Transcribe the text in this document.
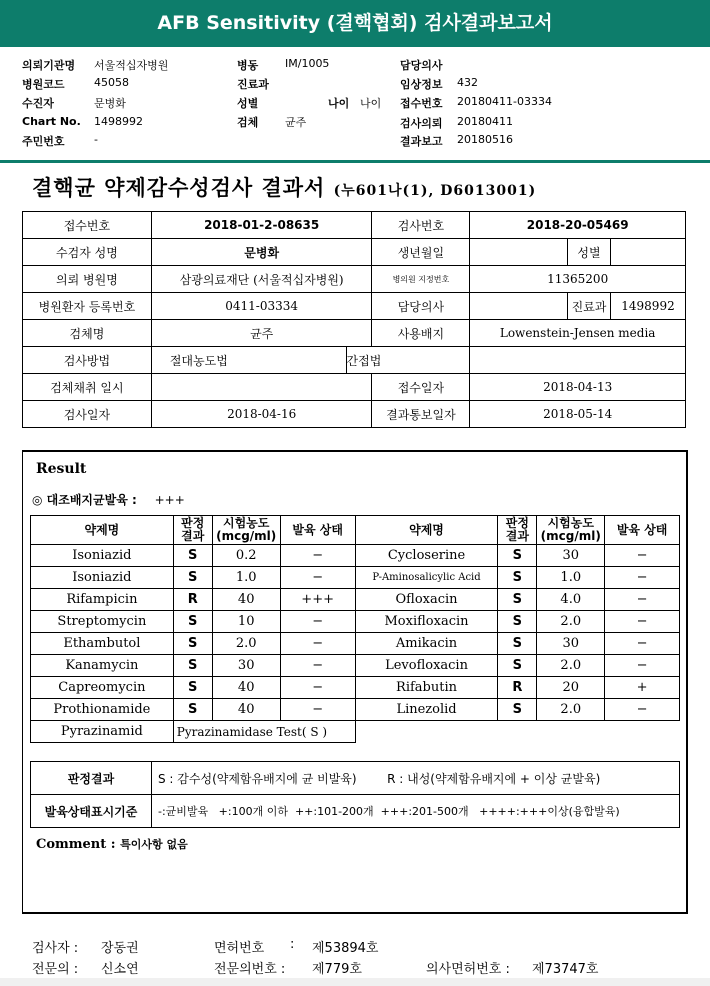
AFB Sensitivity (결핵협회) 검사결과보고서
의뢰기관명 서울적십자병원
병원코드	45058
수진자	문병화
Chart No. 1498992
주민번호	-
병동 IM/1005
진료과
성별	나이 나이
검체 균주
담당의사
임상정보 432
접수번호 20180411-03334
검사의뢰 20180411
결과보고 20180516
결핵균 약제감수성검사 결과서 (누601나(1), D6013001)
접수번호	2018-01-2-08635		검사번호	2018-20-05469		
수검자 성명	문병화		생년월일		성별	
의뢰 병원명	삼광의료재단 (서울적십자병원)		병의원 지정번호	11365200		
병원환자 등록번호	0411-03334		담당의사		진료과	1498992
검체명	균주		사용배지	Lowenstein-Jensen media		
검사방법	절대농도법	간접법				
검체채취 일시			접수일자	2018-04-13		
검사일자	2018-04-16		결과통보일자	2018-05-14		
Result
◎ 대조배지균발육 : +++
약제명	판정 결과	시험농도 (mcg/ml)	발육 상태	약제명	판정 결과	시험농도 (mcg/ml)	발육 상태
Isoniazid	S	0.2	−	Cycloserine	S	30	−
Isoniazid	S	1.0	−	P-Aminosalicylic Acid	S	1.0	−
Rifampicin	R	40	+++	Ofloxacin	S	4.0	−
Streptomycin	S	10	−	Moxifloxacin	S	2.0	−
Ethambutol	S	2.0	−	Amikacin	S	30	−
Kanamycin	S	30	−	Levofloxacin	S	2.0	−
Capreomycin	S	40	−	Rifabutin	R	20	+
Prothionamide	S	40	−	Linezolid	S	2.0	−
Pyrazinamid	Pyrazinamidase Test( S )						
판정결과	S : 감수성(약제함유배지에 균 비발육)        R : 내성(약제함유배지에 + 이상 균발육)
발육상태표시기준	-:균비발육   +:100개 이하  ++:101-200개  +++:201-500개   ++++:+++이상(융합발육)
Comment : 특이사항 없음
검사자 : 장동권	면허번호 : 제53894호
전문의 : 신소연	전문의번호 : 제779호	의사면허번호 : 제73747호
